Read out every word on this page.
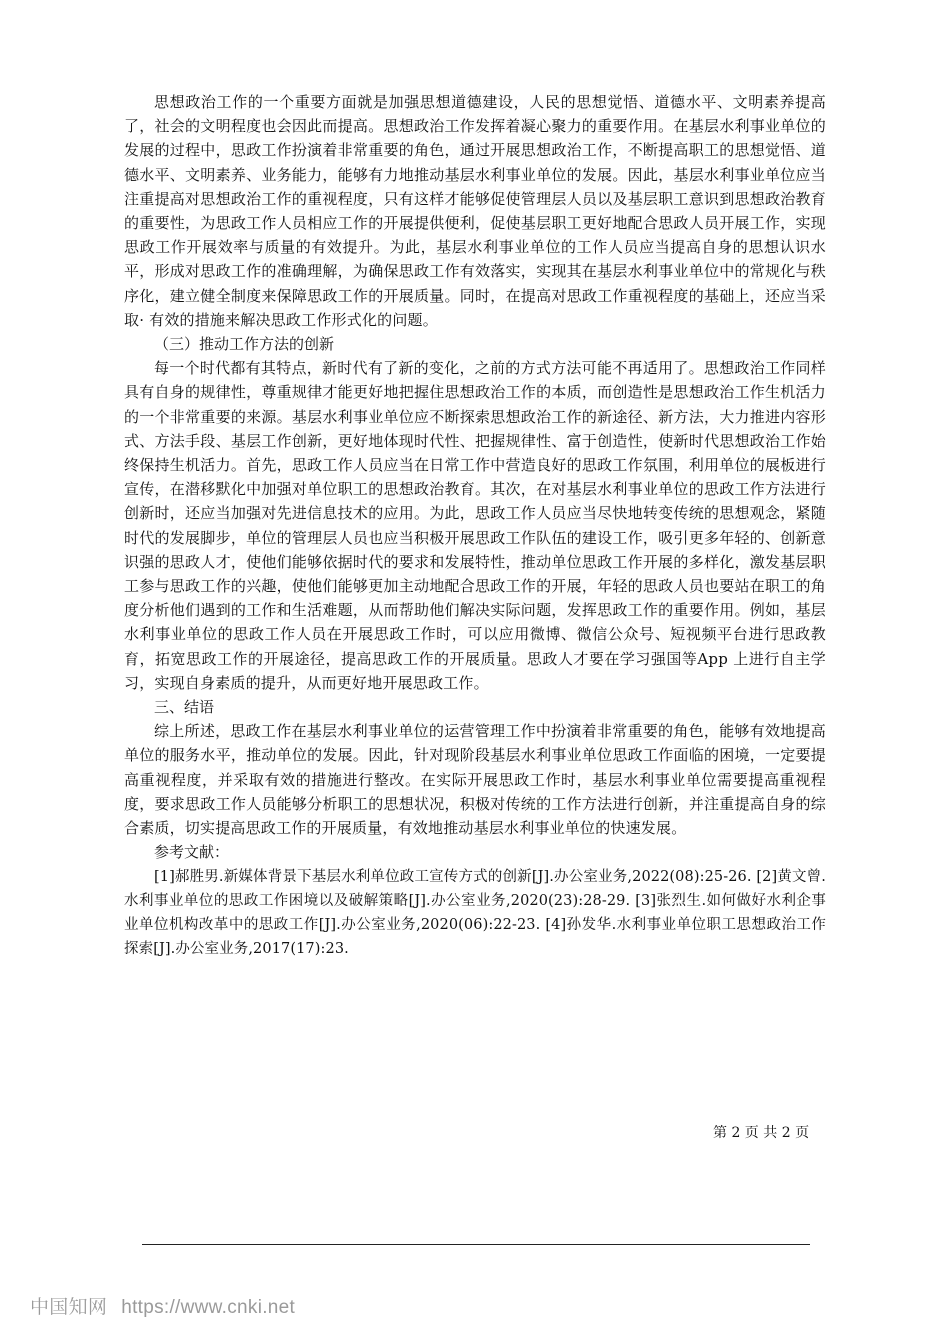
思想政治工作的一个重要方面就是加强思想道德建设，人民的思想觉悟、道德水平、文明素养提高了，社会的文明程度也会因此而提高。思想政治工作发挥着凝心聚力的重要作用。在基层水利事业单位的发展的过程中，思政工作扮演着非常重要的角色，通过开展思想政治工作，不断提高职工的思想觉悟、道德水平、文明素养、业务能力，能够有力地推动基层水利事业单位的发展。因此，基层水利事业单位应当注重提高对思想政治工作的重视程度，只有这样才能够促使管理层人员以及基层职工意识到思想政治教育的重要性，为思政工作人员相应工作的开展提供便利，促使基层职工更好地配合思政人员开展工作，实现思政工作开展效率与质量的有效提升。为此，基层水利事业单位的工作人员应当提高自身的思想认识水平，形成对思政工作的准确理解，为确保思政工作有效落实，实现其在基层水利事业单位中的常规化与秩序化，建立健全制度来保障思政工作的开展质量。同时，在提高对思政工作重视程度的基础上，还应当采取· 有效的措施来解决思政工作形式化的问题。

（三）推动工作方法的创新

每一个时代都有其特点，新时代有了新的变化，之前的方式方法可能不再适用了。思想政治工作同样具有自身的规律性，尊重规律才能更好地把握住思想政治工作的本质，而创造性是思想政治工作生机活力的一个非常重要的来源。基层水利事业单位应不断探索思想政治工作的新途径、新方法，大力推进内容形式、方法手段、基层工作创新，更好地体现时代性、把握规律性、富于创造性，使新时代思想政治工作始终保持生机活力。首先，思政工作人员应当在日常工作中营造良好的思政工作氛围，利用单位的展板进行宣传，在潜移默化中加强对单位职工的思想政治教育。其次，在对基层水利事业单位的思政工作方法进行创新时，还应当加强对先进信息技术的应用。为此，思政工作人员应当尽快地转变传统的思想观念，紧随时代的发展脚步，单位的管理层人员也应当积极开展思政工作队伍的建设工作，吸引更多年轻的、创新意识强的思政人才，使他们能够依据时代的要求和发展特性，推动单位思政工作开展的多样化，激发基层职工参与思政工作的兴趣，使他们能够更加主动地配合思政工作的开展，年轻的思政人员也要站在职工的角度分析他们遇到的工作和生活难题，从而帮助他们解决实际问题，发挥思政工作的重要作用。例如，基层水利事业单位的思政工作人员在开展思政工作时，可以应用微博、微信公众号、短视频平台进行思政教育，拓宽思政工作的开展途径，提高思政工作的开展质量。思政人才要在学习强国等App 上进行自主学习，实现自身素质的提升，从而更好地开展思政工作。

三、结语

综上所述，思政工作在基层水利事业单位的运营管理工作中扮演着非常重要的角色，能够有效地提高单位的服务水平，推动单位的发展。因此，针对现阶段基层水利事业单位思政工作面临的困境，一定要提高重视程度，并采取有效的措施进行整改。在实际开展思政工作时，基层水利事业单位需要提高重视程度，要求思政工作人员能够分析职工的思想状况，积极对传统的工作方法进行创新，并注重提高自身的综合素质，切实提高思政工作的开展质量，有效地推动基层水利事业单位的快速发展。

参考文献：

[1]郝胜男.新媒体背景下基层水利单位政工宣传方式的创新[J].办公室业务,2022(08):25-26. [2]黄文曾.水利事业单位的思政工作困境以及破解策略[J].办公室业务,2020(23):28-29. [3]张烈生.如何做好水利企事业单位机构改革中的思政工作[J].办公室业务,2020(06):22-23. [4]孙发华.水利事业单位职工思想政治工作探索[J].办公室业务,2017(17):23.

第 2 页 共 2 页
中国知网 https://www.cnki.net
